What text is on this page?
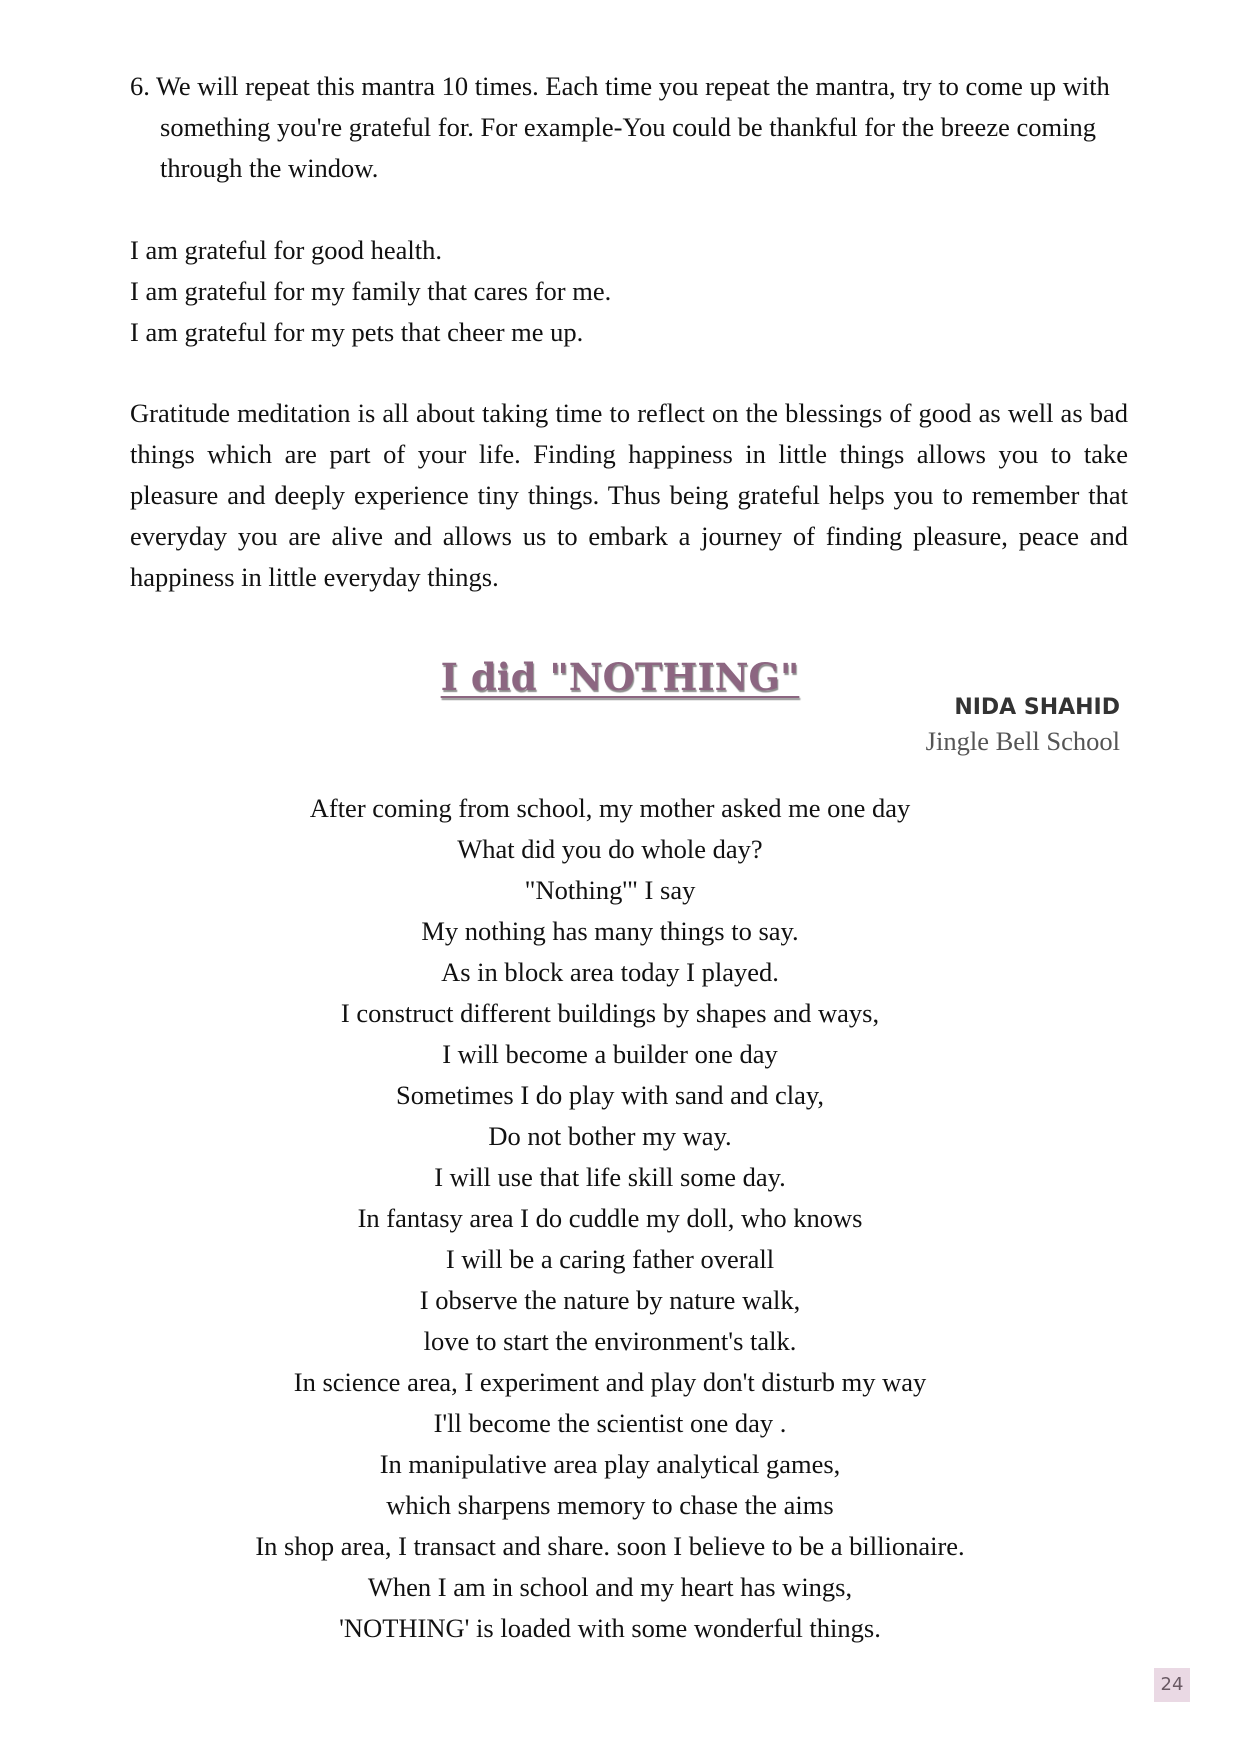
6. We will repeat this mantra 10 times. Each time you repeat the mantra, try to come up with something you're grateful for. For example-You could be thankful for the breeze coming through the window.
I am grateful for good health.
I am grateful for my family that cares for me.
I am grateful for my pets that cheer me up.
Gratitude meditation is all about taking time to reflect on the blessings of good as well as bad things which are part of your life. Finding happiness in little things allows you to take pleasure and deeply experience tiny things. Thus being grateful helps you to remember that everyday you are alive and allows us to embark a journey of finding pleasure, peace and happiness in little everyday things.
I did "NOTHING"
NIDA SHAHID
Jingle Bell School
After coming from school, my mother asked me one day
What did you do whole day?
"Nothing'" I say
My nothing has many things to say.
As in block area today I played.
I construct different buildings by shapes and ways,
I will become a builder one day
Sometimes I do play with sand and clay,
Do not bother my way.
I will use that life skill some day.
In fantasy area I do cuddle my doll, who knows
I will be a caring father overall
I observe the nature by nature walk,
love to start the environment's talk.
In science area, I experiment and play don't disturb my way
I'll become the scientist one day .
In manipulative area play analytical games,
which sharpens memory to chase the aims
In shop area, I transact and share. soon I believe to be a billionaire.
When I am in school and my heart has wings,
'NOTHING' is loaded with some wonderful things.
24
